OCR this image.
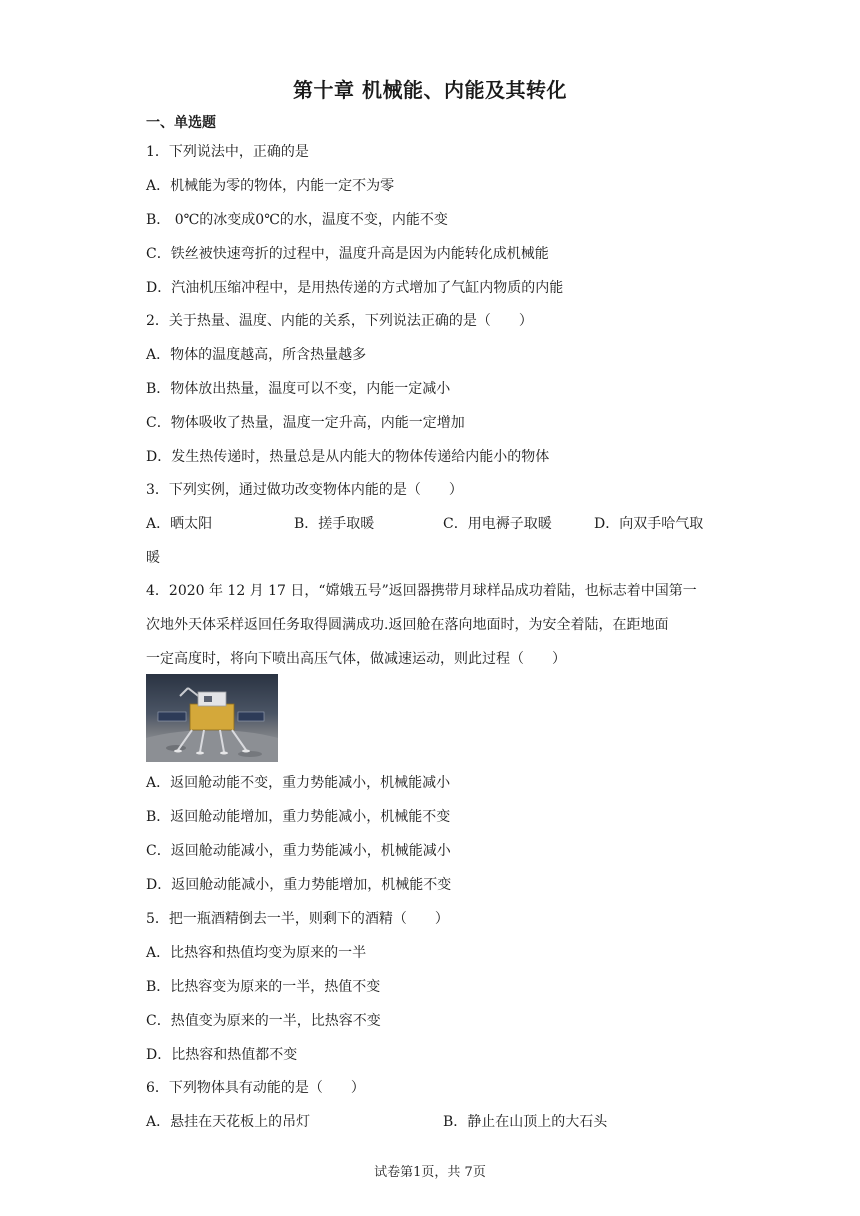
第十章 机械能、内能及其转化
一、单选题
1．下列说法中，正确的是
A．机械能为零的物体，内能一定不为零
B． 0℃的冰变成0℃的水，温度不变，内能不变
C．铁丝被快速弯折的过程中，温度升高是因为内能转化成机械能
D．汽油机压缩冲程中，是用热传递的方式增加了气缸内物质的内能
2．关于热量、温度、内能的关系，下列说法正确的是（　　）
A．物体的温度越高，所含热量越多
B．物体放出热量，温度可以不变，内能一定减小
C．物体吸收了热量，温度一定升高，内能一定增加
D．发生热传递时，热量总是从内能大的物体传递给内能小的物体
3．下列实例，通过做功改变物体内能的是（　　）
A．晒太阳	B．搓手取暖	C．用电褥子取暖	D．向双手哈气取
暖
4．2020 年 12 月 17 日，“嫦娥五号”返回器携带月球样品成功着陆，也标志着中国第一
次地外天体采样返回任务取得圆满成功.返回舱在落向地面时，为安全着陆，在距地面
一定高度时，将向下喷出高压气体，做减速运动，则此过程（　　）
A．返回舱动能不变，重力势能减小，机械能减小
B．返回舱动能增加，重力势能减小，机械能不变
C．返回舱动能减小，重力势能减小，机械能减小
D．返回舱动能减小，重力势能增加，机械能不变
5．把一瓶酒精倒去一半，则剩下的酒精（　　）
A．比热容和热值均变为原来的一半
B．比热容变为原来的一半，热值不变
C．热值变为原来的一半，比热容不变
D．比热容和热值都不变
6．下列物体具有动能的是（　　）
A．悬挂在天花板上的吊灯	B．静止在山顶上的大石头
试卷第1页，共 7页
